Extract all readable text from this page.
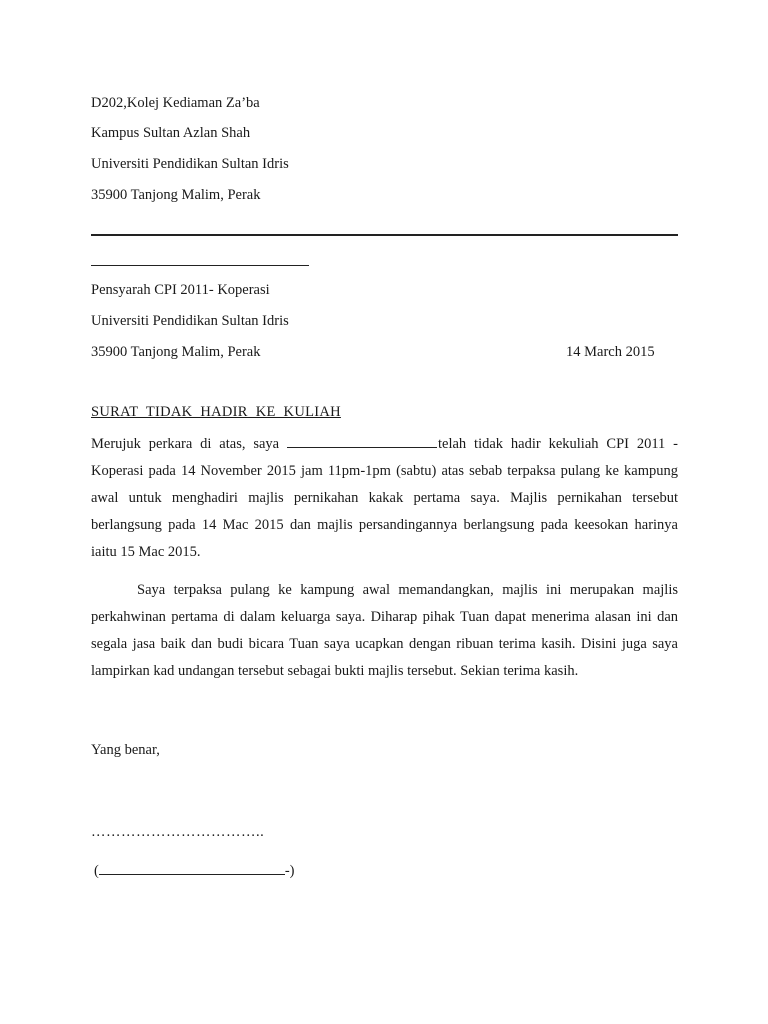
D202,Kolej Kediaman Za’ba
Kampus Sultan Azlan Shah
Universiti Pendidikan Sultan Idris
35900 Tanjong Malim, Perak
Pensyarah CPI 2011- Koperasi
Universiti Pendidikan Sultan Idris
35900 Tanjong Malim, Perak	14 March 2015
SURAT TIDAK HADIR KE KULIAH

Merujuk perkara di atas, saya	telah tidak hadir kekuliah CPI 2011 - Koperasi pada 14 November 2015 jam 11pm-1pm (sabtu) atas sebab terpaksa pulang ke kampung awal untuk menghadiri majlis pernikahan kakak pertama saya. Majlis pernikahan tersebut berlangsung pada 14 Mac 2015 dan majlis persandingannya berlangsung pada keesokan harinya iaitu 15 Mac 2015.

Saya terpaksa pulang ke kampung awal memandangkan, majlis ini merupakan majlis perkahwinan pertama di dalam keluarga saya. Diharap pihak Tuan dapat menerima alasan ini dan segala jasa baik dan budi bicara Tuan saya ucapkan dengan ribuan terima kasih. Disini juga saya lampirkan kad undangan tersebut sebagai bukti majlis tersebut. Sekian terima kasih.

Yang benar,
……………………………..
(	-)
